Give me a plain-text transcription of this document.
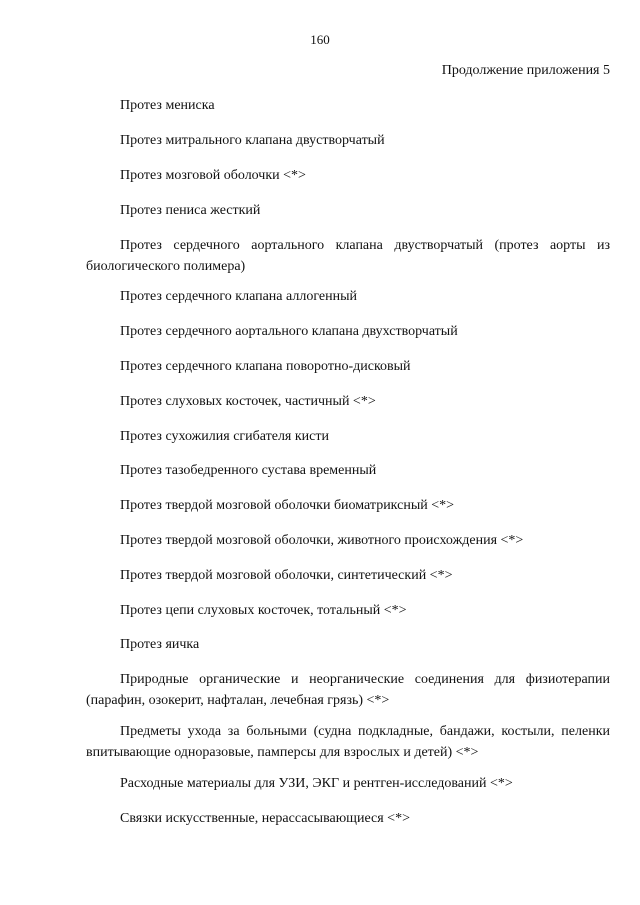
160
Продолжение приложения 5

Протез мениска

Протез митрального клапана двустворчатый

Протез мозговой оболочки <*>

Протез пениса жесткий

Протез сердечного аортального клапана двустворчатый (протез аорты из биологического полимера)

Протез сердечного клапана аллогенный

Протез сердечного аортального клапана двухстворчатый

Протез сердечного клапана поворотно-дисковый

Протез слуховых косточек, частичный <*>

Протез сухожилия сгибателя кисти

Протез тазобедренного сустава временный

Протез твердой мозговой оболочки биоматриксный <*>

Протез твердой мозговой оболочки, животного происхождения <*>

Протез твердой мозговой оболочки, синтетический <*>

Протез цепи слуховых косточек, тотальный <*>

Протез яичка

Природные органические и неорганические соединения для физиотерапии (парафин, озокерит, нафталан, лечебная грязь) <*>

Предметы ухода за больными (судна подкладные, бандажи, костыли, пеленки впитывающие одноразовые, памперсы для взрослых и детей) <*>

Расходные материалы для УЗИ, ЭКГ и рентген-исследований <*>

Связки искусственные, нерассасывающиеся <*>
